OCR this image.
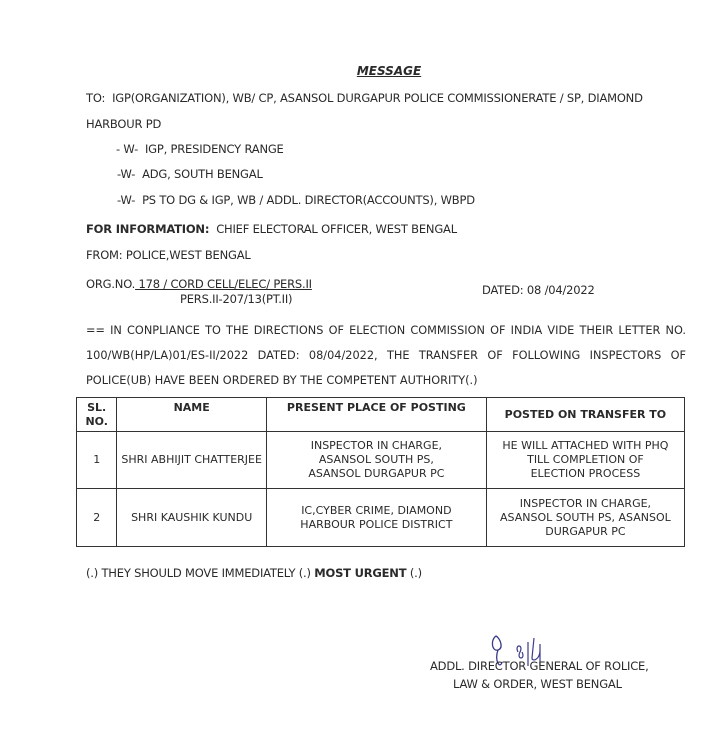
MESSAGE
TO: IGP(ORGANIZATION), WB/ CP, ASANSOL DURGAPUR POLICE COMMISSIONERATE / SP, DIAMOND
HARBOUR PD
- W- IGP, PRESIDENCY RANGE
-W- ADG, SOUTH BENGAL
-W- PS TO DG & IGP, WB / ADDL. DIRECTOR(ACCOUNTS), WBPD
FOR INFORMATION: CHIEF ELECTORAL OFFICER, WEST BENGAL
FROM: POLICE,WEST BENGAL
ORG.NO. 178 / CORD CELL/ELEC/ PERS.II
PERS.II-207/13(PT.II)
DATED: 08 /04/2022
== IN CONPLIANCE TO THE DIRECTIONS OF ELECTION COMMISSION OF INDIA VIDE THEIR LETTER NO. 100/WB(HP/LA)01/ES-II/2022 DATED: 08/04/2022, THE TRANSFER OF FOLLOWING INSPECTORS OF POLICE(UB) HAVE BEEN ORDERED BY THE COMPETENT AUTHORITY(.)
SL. NO.	NAME	PRESENT PLACE OF POSTING	POSTED ON TRANSFER TO
1	SHRI ABHIJIT CHATTERJEE	INSPECTOR IN CHARGE, ASANSOL SOUTH PS, ASANSOL DURGAPUR PC	HE WILL ATTACHED WITH PHQ TILL COMPLETION OF ELECTION PROCESS
2	SHRI KAUSHIK KUNDU	IC,CYBER CRIME, DIAMOND HARBOUR POLICE DISTRICT	INSPECTOR IN CHARGE, ASANSOL SOUTH PS, ASANSOL DURGAPUR PC
(.) THEY SHOULD MOVE IMMEDIATELY (.) MOST URGENT (.)
ADDL. DIRECTOR GENERAL OF ROLICE,
LAW & ORDER, WEST BENGAL
